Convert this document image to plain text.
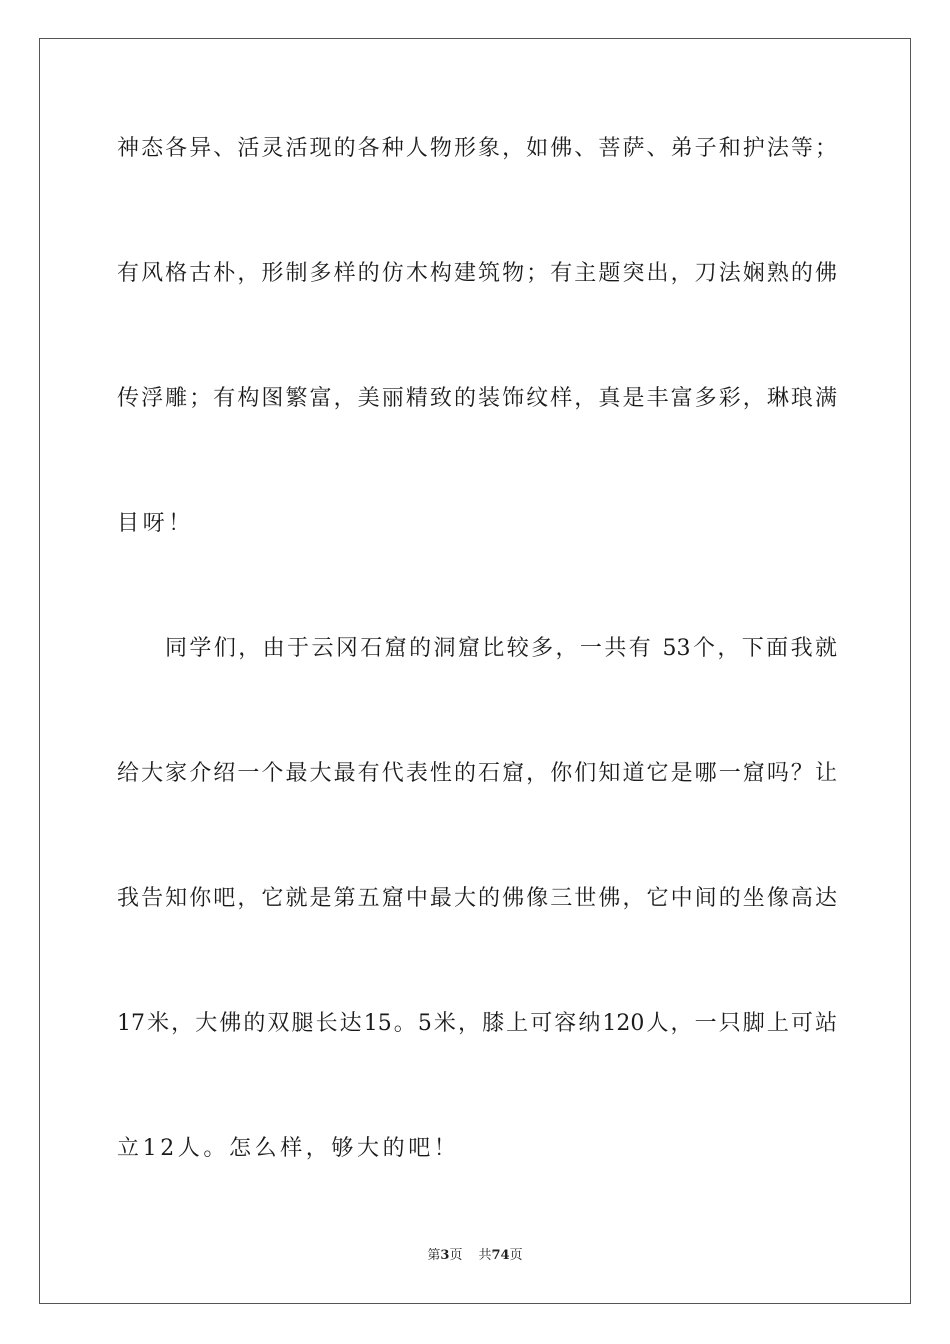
神态各异、活灵活现的各种人物形象，如佛、菩萨、弟子和护法等；
有风格古朴，形制多样的仿木构建筑物；有主题突出，刀法娴熟的佛
传浮雕；有构图繁富，美丽精致的装饰纹样，真是丰富多彩，琳琅满
目呀！
同学们，由于云冈石窟的洞窟比较多，一共有 53个，下面我就
给大家介绍一个最大最有代表性的石窟，你们知道它是哪一窟吗？让
我告知你吧，它就是第五窟中最大的佛像三世佛，它中间的坐像高达
17米，大佛的双腿长达15。5米，膝上可容纳120人，一只脚上可站
立12人。怎么样，够大的吧！
第3页 共74页
